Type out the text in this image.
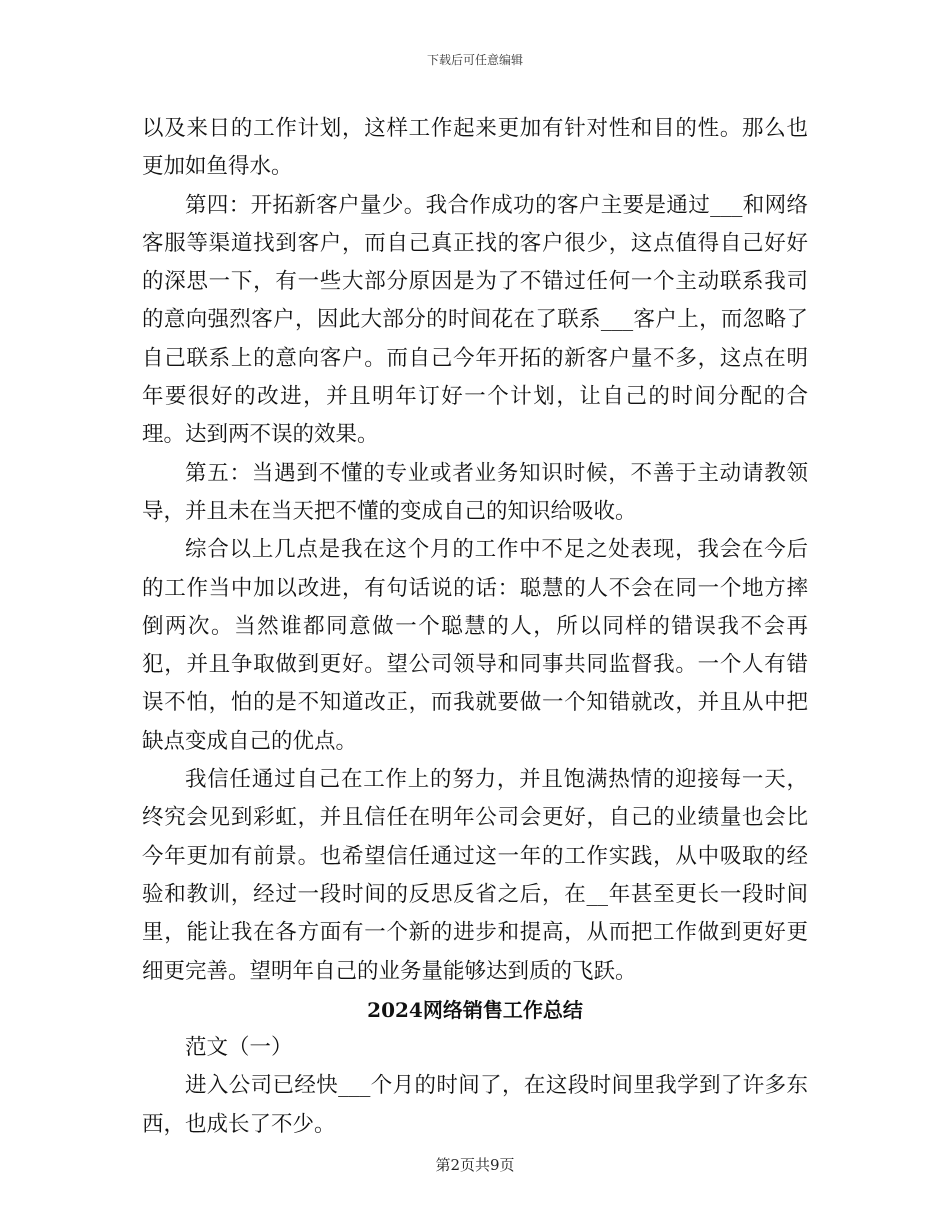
下载后可任意编辑

以及来日的工作计划，这样工作起来更加有针对性和目的性。那么也更加如鱼得水。

第四：开拓新客户量少。我合作成功的客户主要是通过___和网络客服等渠道找到客户，而自己真正找的客户很少，这点值得自己好好的深思一下，有一些大部分原因是为了不错过任何一个主动联系我司的意向强烈客户，因此大部分的时间花在了联系___客户上，而忽略了自己联系上的意向客户。而自己今年开拓的新客户量不多，这点在明年要很好的改进，并且明年订好一个计划，让自己的时间分配的合理。达到两不误的效果。

第五：当遇到不懂的专业或者业务知识时候，不善于主动请教领导，并且未在当天把不懂的变成自己的知识给吸收。

综合以上几点是我在这个月的工作中不足之处表现，我会在今后的工作当中加以改进，有句话说的话：聪慧的人不会在同一个地方摔倒两次。当然谁都同意做一个聪慧的人，所以同样的错误我不会再犯，并且争取做到更好。望公司领导和同事共同监督我。一个人有错误不怕，怕的是不知道改正，而我就要做一个知错就改，并且从中把缺点变成自己的优点。

我信任通过自己在工作上的努力，并且饱满热情的迎接每一天，终究会见到彩虹，并且信任在明年公司会更好，自己的业绩量也会比今年更加有前景。也希望信任通过这一年的工作实践，从中吸取的经验和教训，经过一段时间的反思反省之后，在__年甚至更长一段时间里，能让我在各方面有一个新的进步和提高，从而把工作做到更好更细更完善。望明年自己的业务量能够达到质的飞跃。

2024网络销售工作总结

范文（一）

进入公司已经快___个月的时间了，在这段时间里我学到了许多东西，也成长了不少。

第2页共9页
